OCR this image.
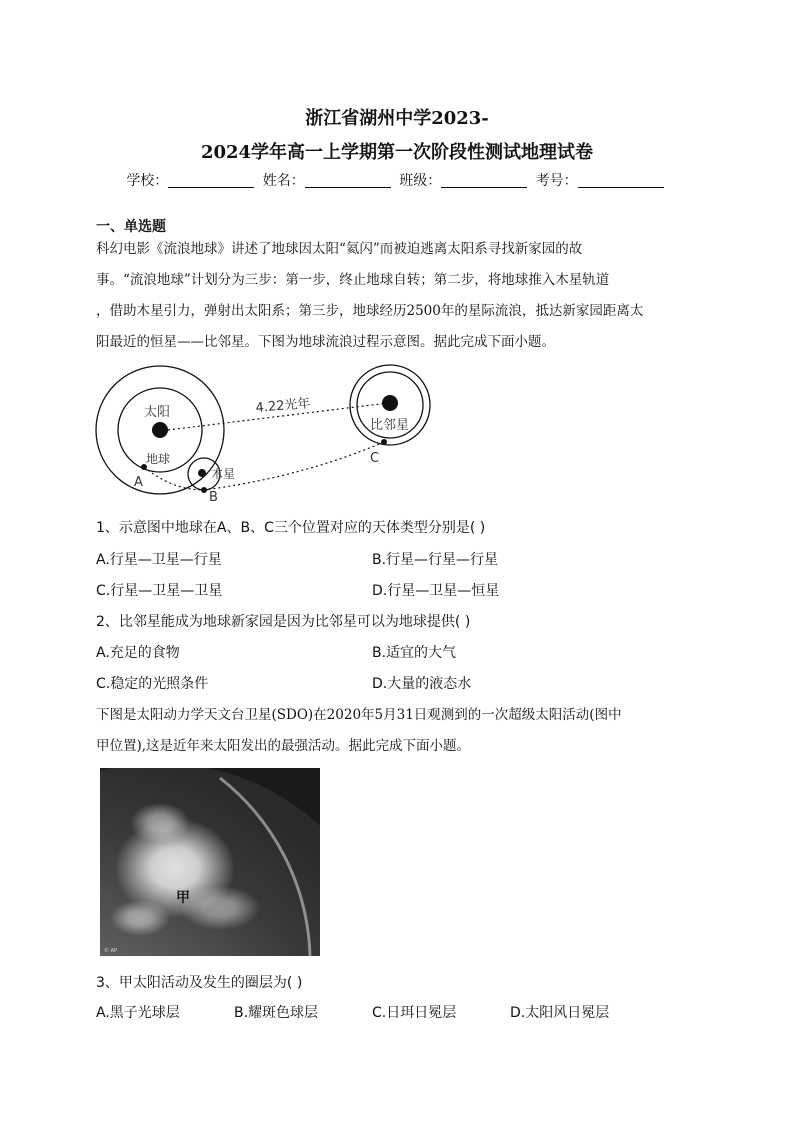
浙江省湖州中学2023-
2024学年高一上学期第一次阶段性测试地理试卷
学校：	姓名：	班级：	考号：
一、单选题
科幻电影《流浪地球》讲述了地球因太阳“氦闪”而被迫逃离太阳系寻找新家园的故
事。“流浪地球”计划分为三步：第一步，终止地球自转；第二步，将地球推入木星轨道
，借助木星引力，弹射出太阳系；第三步，地球经历2500年的星际流浪，抵达新家园距离太
阳最近的恒星——比邻星。下图为地球流浪过程示意图。据此完成下面小题。
太阳
地球
4.22光年
比邻星
C
木星
A
B
1、示意图中地球在A、B、C三个位置对应的天体类型分别是( )
A.行星—卫星—行星	B.行星—行星—行星
C.行星—卫星—卫星	D.行星—卫星—恒星
2、比邻星能成为地球新家园是因为比邻星可以为地球提供( )
A.充足的食物	B.适宜的大气
C.稳定的光照条件	D.大量的液态水
下图是太阳动力学天文台卫星(SDO)在2020年5月31日观测到的一次超级太阳活动(图中
甲位置),这是近年来太阳发出的最强活动。据此完成下面小题。
甲
© AP
3、甲太阳活动及发生的圈层为( )
A.黑子光球层	B.耀斑色球层	C.日珥日冕层	D.太阳风日冕层
